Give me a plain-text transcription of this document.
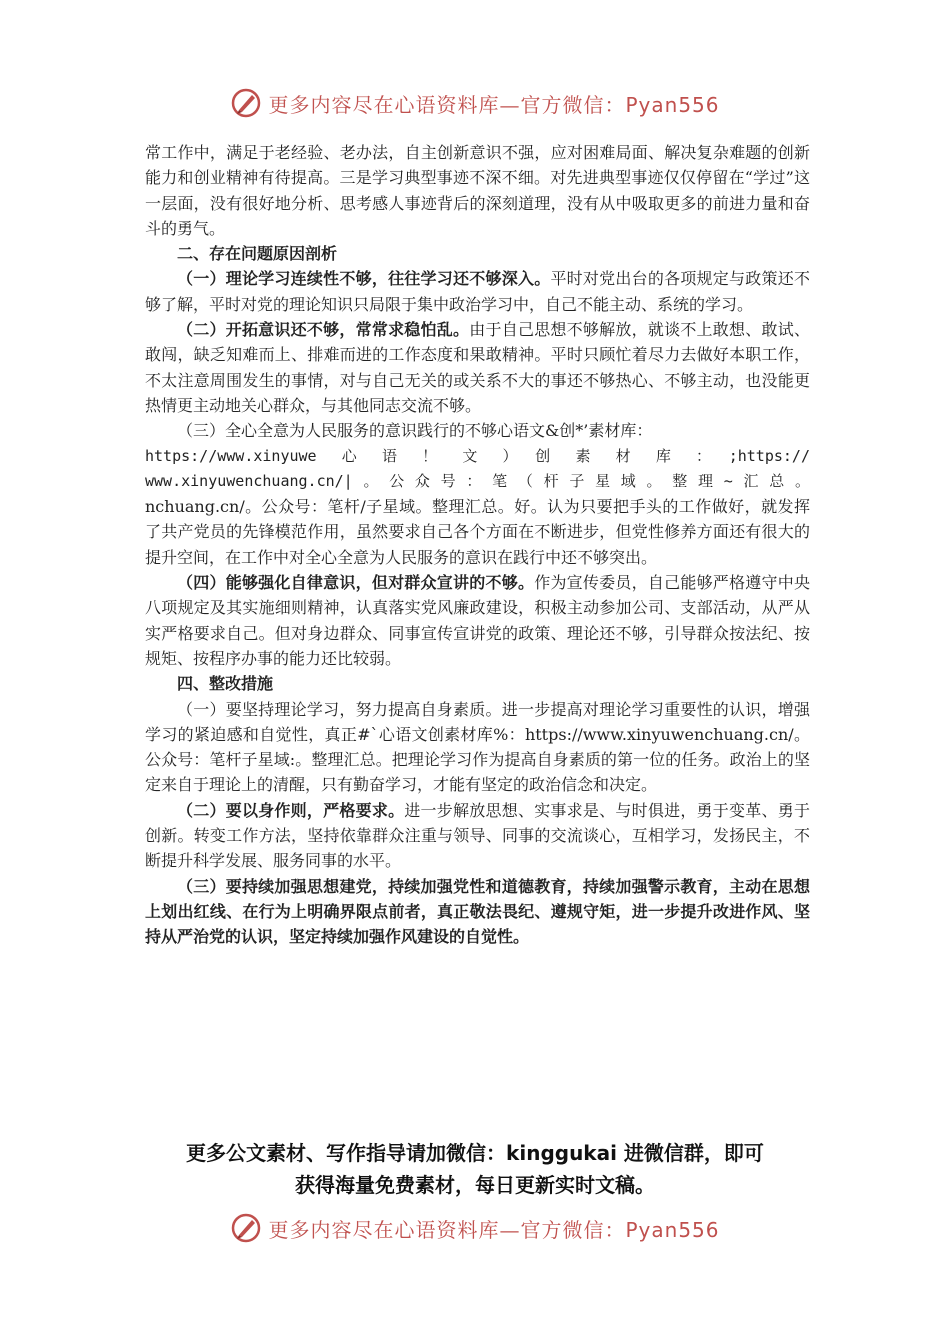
更多内容尽在心语资料库—官方微信：Pyan556

常工作中，满足于老经验、老办法，自主创新意识不强，应对困难局面、解决复杂难题的创新能力和创业精神有待提高。三是学习典型事迹不深不细。对先进典型事迹仅仅停留在“学过”这一层面，没有很好地分析、思考感人事迹背后的深刻道理，没有从中吸取更多的前进力量和奋斗的勇气。

二、存在问题原因剖析

（一）理论学习连续性不够，往往学习还不够深入。平时对党出台的各项规定与政策还不够了解，平时对党的理论知识只局限于集中政治学习中，自己不能主动、系统的学习。

（二）开拓意识还不够，常常求稳怕乱。由于自己思想不够解放，就谈不上敢想、敢试、敢闯，缺乏知难而上、排难而进的工作态度和果敢精神。平时只顾忙着尽力去做好本职工作，不太注意周围发生的事情，对与自己无关的或关系不大的事还不够热心、不够主动，也没能更热情更主动地关心群众，与其他同志交流不够。

（三）全心全意为人民服务的意识践行的不够心语文&创*’素材库：

https://www.xinyuwe　心　语　！　文　）　创　素　材　库　：　;https://

www.xinyuwenchuang.cn/|。公众号：笔（杆子星域。整理~汇总。

nchuang.cn/。公众号：笔杆/子星域。整理汇总。好。认为只要把手头的工作做好，就发挥了共产党员的先锋模范作用，虽然要求自己各个方面在不断进步，但党性修养方面还有很大的提升空间，在工作中对全心全意为人民服务的意识在践行中还不够突出。

（四）能够强化自律意识，但对群众宣讲的不够。作为宣传委员，自己能够严格遵守中央八项规定及其实施细则精神，认真落实党风廉政建设，积极主动参加公司、支部活动，从严从实严格要求自己。但对身边群众、同事宣传宣讲党的政策、理论还不够，引导群众按法纪、按规矩、按程序办事的能力还比较弱。

四、整改措施

（一）要坚持理论学习，努力提高自身素质。进一步提高对理论学习重要性的认识，增强学习的紧迫感和自觉性，真正#`心语文创素材库%：https://www.xinyuwenchuang.cn/。公众号：笔杆子星域:。整理汇总。把理论学习作为提高自身素质的第一位的任务。政治上的坚定来自于理论上的清醒，只有勤奋学习，才能有坚定的政治信念和决定。

（二）要以身作则，严格要求。进一步解放思想、实事求是、与时俱进，勇于变革、勇于创新。转变工作方法，坚持依靠群众注重与领导、同事的交流谈心，互相学习，发扬民主，不断提升科学发展、服务同事的水平。

（三）要持续加强思想建党，持续加强党性和道德教育，持续加强警示教育，主动在思想上划出红线、在行为上明确界限点前者，真正敬法畏纪、遵规守矩，进一步提升改进作风、坚持从严治党的认识，坚定持续加强作风建设的自觉性。

更多公文素材、写作指导请加微信：kinggukai 进微信群，即可
获得海量免费素材，每日更新实时文稿。
更多内容尽在心语资料库—官方微信：Pyan556
